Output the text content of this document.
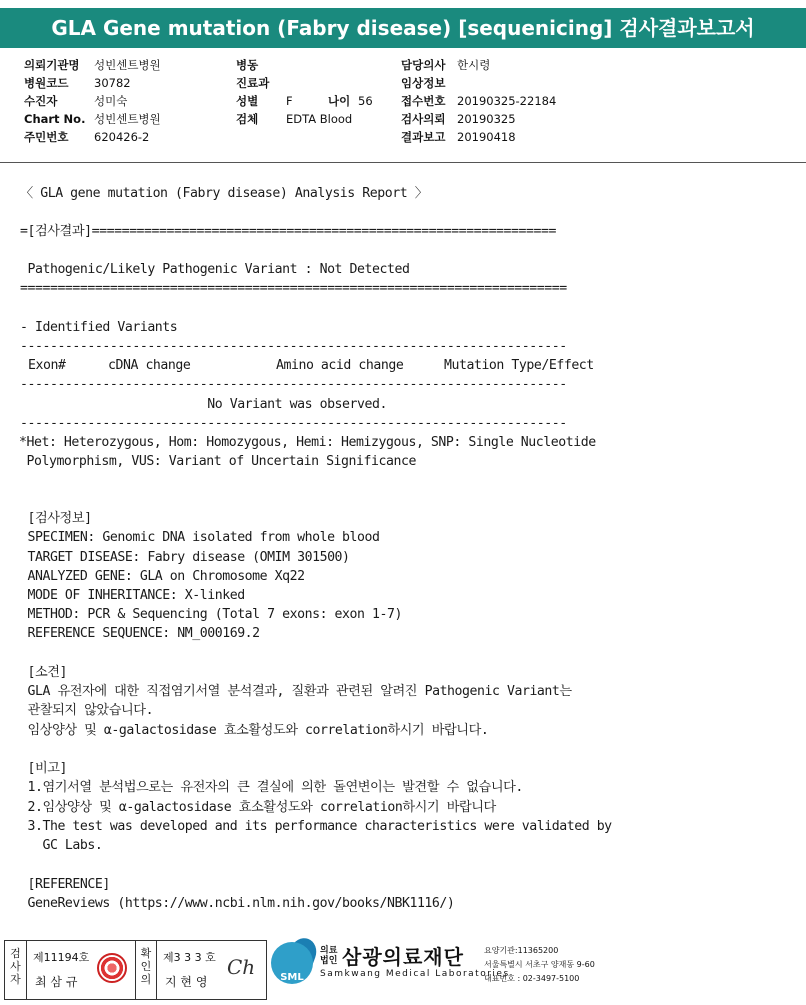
GLA Gene mutation (Fabry disease) [sequenicing] 검사결과보고서
의뢰기관명 성빈센트병원
병원코드 30782
수진자	성미숙
Chart No. 성빈센트병원
주민번호 620426-2
병동
진료과
성별 F	나이 56
검체 EDTA Blood
담당의사 한시령
임상정보
접수번호 20190325-22184
검사의뢰 20190325
결과보고 20190418
〈 GLA gene mutation (Fabry disease) Analysis Report 〉
=[검사결과]==============================================================
Pathogenic/Likely Pathogenic Variant : Not Detected
=========================================================================
- Identified Variants
-------------------------------------------------------------------------
Exon#	cDNA change	Amino acid change	Mutation Type/Effect
-------------------------------------------------------------------------
No Variant was observed.
-------------------------------------------------------------------------
*Het: Heterozygous, Hom: Homozygous, Hemi: Hemizygous, SNP: Single Nucleotide
Polymorphism, VUS: Variant of Uncertain Significance
[검사정보]
SPECIMEN: Genomic DNA isolated from whole blood
TARGET DISEASE: Fabry disease (OMIM 301500)
ANALYZED GENE: GLA on Chromosome Xq22
MODE OF INHERITANCE: X-linked
METHOD: PCR & Sequencing (Total 7 exons: exon 1-7)
REFERENCE SEQUENCE: NM_000169.2
[소견]
GLA 유전자에 대한 직접염기서열 분석결과, 질환과 관련된 알려진 Pathogenic Variant는
관찰되지 않았습니다.
임상양상 및 α-galactosidase 효소활성도와 correlation하시기 바랍니다.
[비고]
1.염기서열 분석법으로는 유전자의 큰 결실에 의한 돌연변이는 발견할 수 없습니다.
2.임상양상 및 α-galactosidase 효소활성도와 correlation하시기 바랍니다
3.The test was developed and its performance characteristics were validated by
GC Labs.
[REFERENCE]
GeneReviews (https://www.ncbi.nlm.nih.gov/books/NBK1116/)
검사자
제11194호
최 삼 규
확인의
제3 3 3 호
지 현 영
Ch	SML
의료
법인 삼광의료재단
Samkwang Medical Laboratories
요양기관:11365200
서울특별시 서초구 양재동 9-60
대표번호 : 02-3497-5100
